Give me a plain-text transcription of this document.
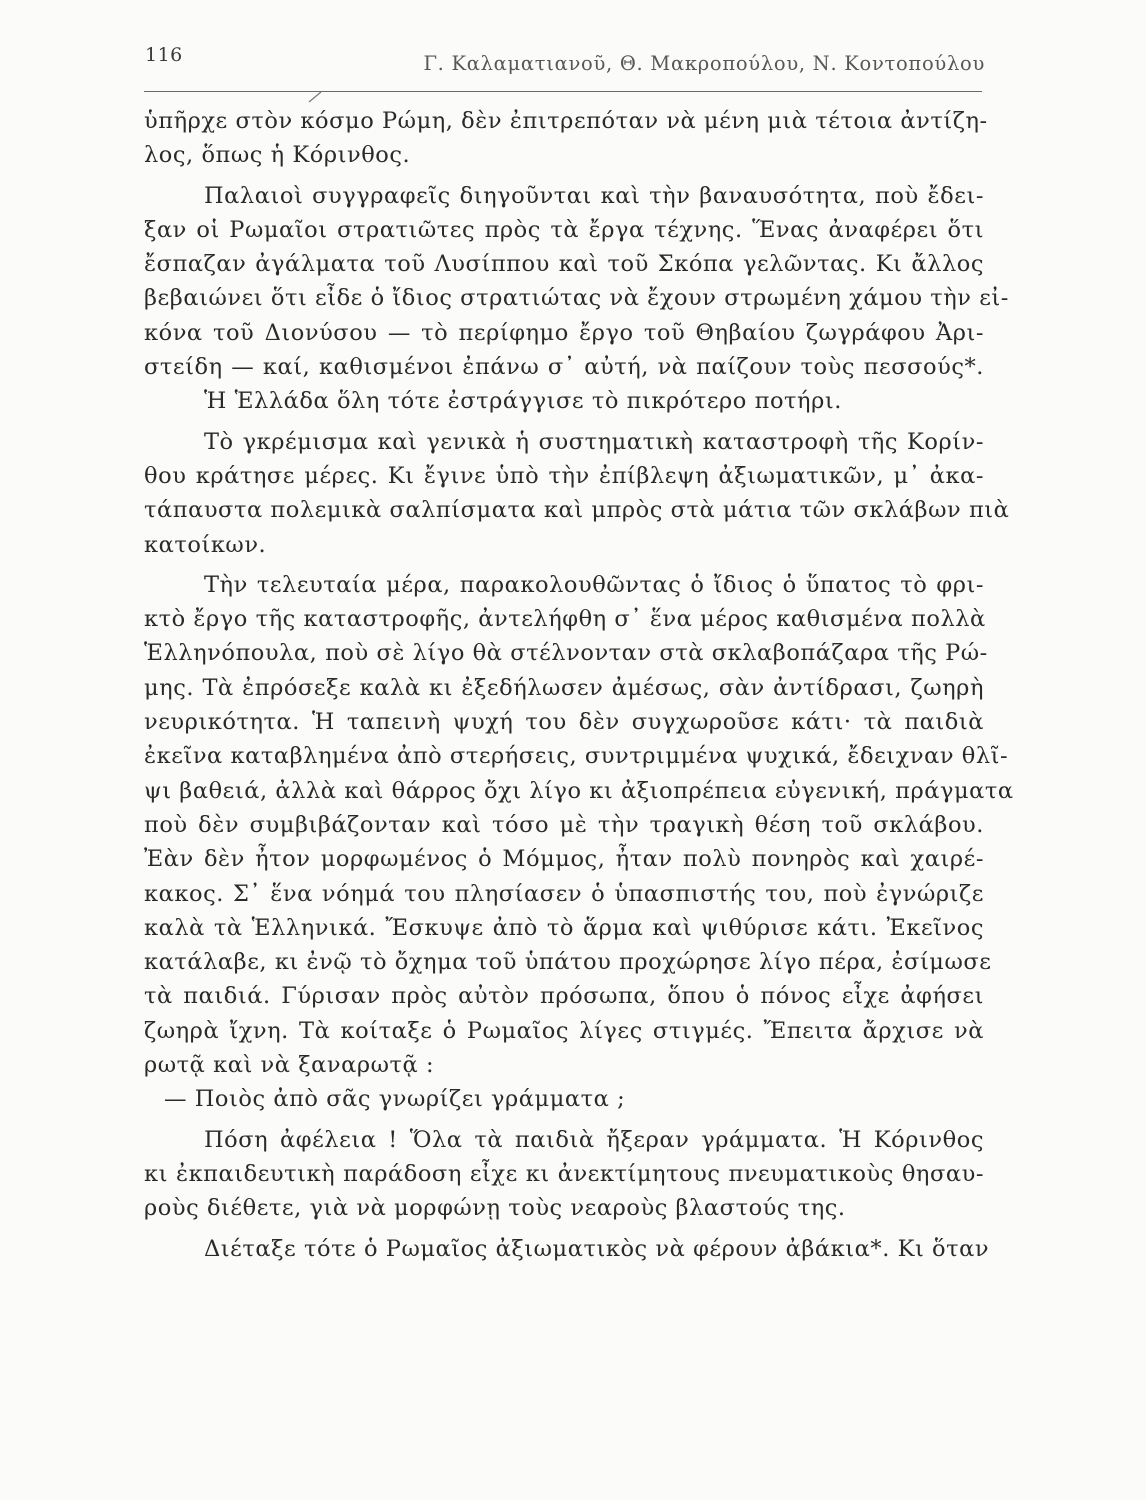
116	Γ. Καλαματιανοῦ, Θ. Μακροπούλου, Ν. Κοντοπούλου
ὑπῆρχε στὸν κόσμο Ρώμη, δὲν ἐπιτρεπόταν νὰ μένη μιὰ τέτοια ἀντίζη-
λος, ὅπως ἡ Κόρινθος.
Παλαιοὶ συγγραφεῖς διηγοῦνται καὶ τὴν βαναυσότητα, ποὺ ἔδει-
ξαν οἱ Ρωμαῖοι στρατιῶτες πρὸς τὰ ἔργα τέχνης. Ἕνας ἀναφέρει ὅτι
ἔσπαζαν ἀγάλματα τοῦ Λυσίππου καὶ τοῦ Σκόπα γελῶντας. Κι ἄλλος
βεβαιώνει ὅτι εἶδε ὁ ἴδιος στρατιώτας νὰ ἔχουν στρωμένη χάμου τὴν εἰ-
κόνα τοῦ Διονύσου — τὸ περίφημο ἔργο τοῦ Θηβαίου ζωγράφου Ἀρι-
στείδη — καί, καθισμένοι ἐπάνω σ᾽ αὐτή, νὰ παίζουν τοὺς πεσσούς*.
Ἡ Ἑλλάδα ὅλη τότε ἐστράγγισε τὸ πικρότερο ποτήρι.
Τὸ γκρέμισμα καὶ γενικὰ ἡ συστηματικὴ καταστροφὴ τῆς Κορίν-
θου κράτησε μέρες. Κι ἔγινε ὑπὸ τὴν ἐπίβλεψη ἀξιωματικῶν, μ᾽ ἀκα-
τάπαυστα πολεμικὰ σαλπίσματα καὶ μπρὸς στὰ μάτια τῶν σκλάβων πιὰ
κατοίκων.
Τὴν τελευταία μέρα, παρακολουθῶντας ὁ ἴδιος ὁ ὕπατος τὸ φρι-
κτὸ ἔργο τῆς καταστροφῆς, ἀντελήφθη σ᾽ ἕνα μέρος καθισμένα πολλὰ
Ἑλληνόπουλα, ποὺ σὲ λίγο θὰ στέλνονταν στὰ σκλαβοπάζαρα τῆς Ρώ-
μης. Τὰ ἐπρόσεξε καλὰ κι ἐξεδήλωσεν ἀμέσως, σὰν ἀντίδρασι, ζωηρὴ
νευρικότητα. Ἡ ταπεινὴ ψυχή του δὲν συγχωροῦσε κάτι· τὰ παιδιὰ
ἐκεῖνα καταβλημένα ἀπὸ στερήσεις, συντριμμένα ψυχικά, ἔδειχναν θλῖ-
ψι βαθειά, ἀλλὰ καὶ θάρρος ὄχι λίγο κι ἀξιοπρέπεια εὐγενική, πράγματα
ποὺ δὲν συμβιβάζονταν καὶ τόσο μὲ τὴν τραγικὴ θέση τοῦ σκλάβου.
Ἐὰν δὲν ἦτον μορφωμένος ὁ Μόμμος, ἦταν πολὺ πονηρὸς καὶ χαιρέ-
κακος. Σ᾽ ἕνα νόημά του πλησίασεν ὁ ὑπασπιστής του, ποὺ ἐγνώριζε
καλὰ τὰ Ἑλληνικά. Ἔσκυψε ἀπὸ τὸ ἅρμα καὶ ψιθύρισε κάτι. Ἐκεῖνος
κατάλαβε, κι ἐνῷ τὸ ὄχημα τοῦ ὑπάτου προχώρησε λίγο πέρα, ἐσίμωσε
τὰ παιδιά. Γύρισαν πρὸς αὐτὸν πρόσωπα, ὅπου ὁ πόνος εἶχε ἀφήσει
ζωηρὰ ἴχνη. Τὰ κοίταξε ὁ Ρωμαῖος λίγες στιγμές. Ἔπειτα ἄρχισε νὰ
ρωτᾷ καὶ νὰ ξαναρωτᾷ :
— Ποιὸς ἀπὸ σᾶς γνωρίζει γράμματα ;
Πόση ἀφέλεια ! Ὅλα τὰ παιδιὰ ἤξεραν γράμματα. Ἡ Κόρινθος
κι ἐκπαιδευτικὴ παράδοση εἶχε κι ἀνεκτίμητους πνευματικοὺς θησαυ-
ροὺς διέθετε, γιὰ νὰ μορφώνῃ τοὺς νεαροὺς βλαστούς της.
Διέταξε τότε ὁ Ρωμαῖος ἀξιωματικὸς νὰ φέρουν ἀβάκια*. Κι ὅταν
